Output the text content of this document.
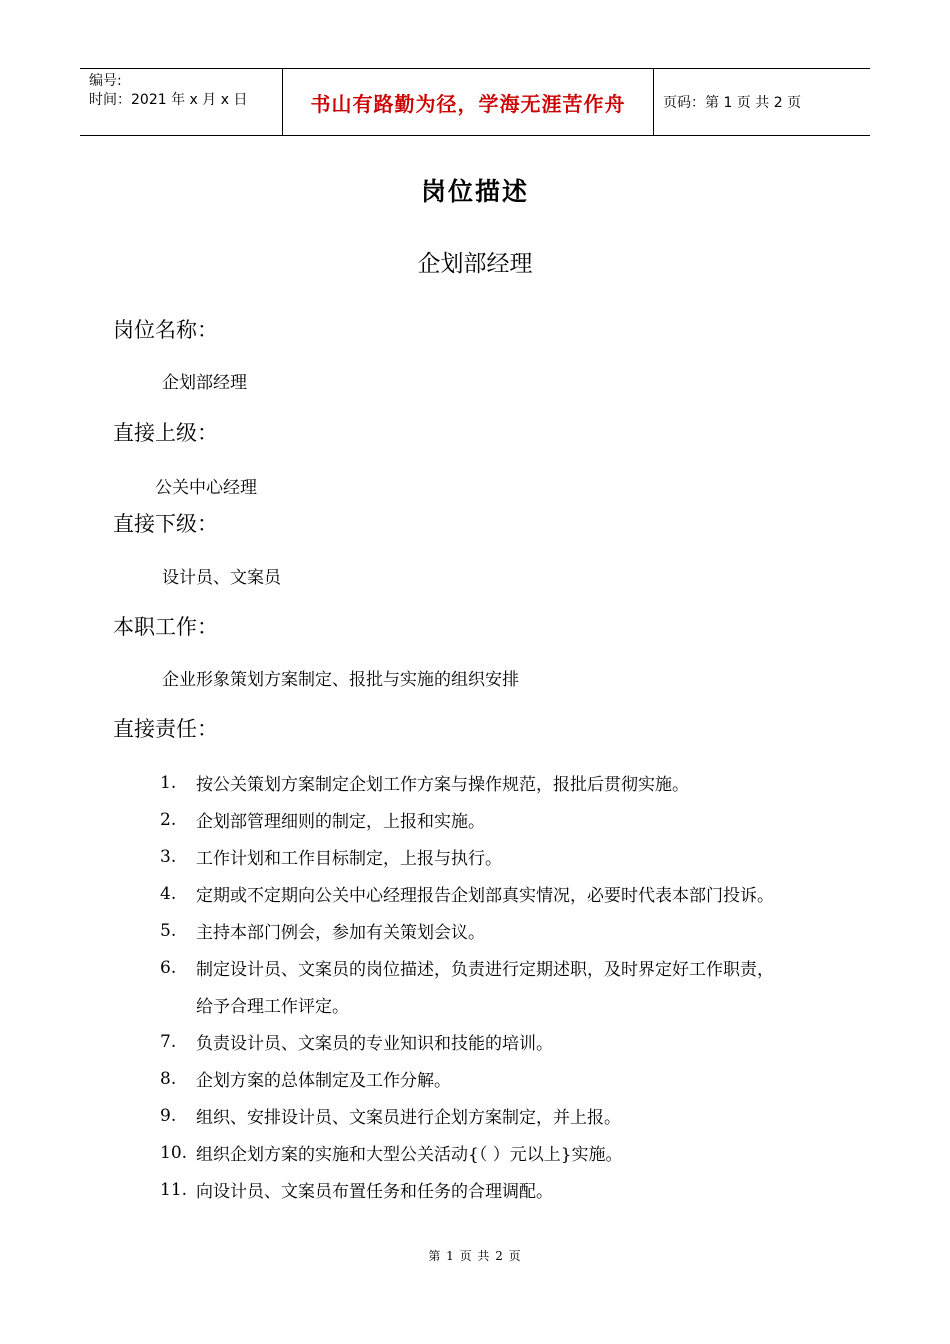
编号:
时间：2021 年 x 月 x 日	书山有路勤为径，学海无涯苦作舟	页码：第 1 页 共 2 页
岗位描述
企划部经理
岗位名称：
企划部经理
直接上级：
公关中心经理
直接下级：
设计员、文案员
本职工作：
企业形象策划方案制定、报批与实施的组织安排
直接责任：
1.	按公关策划方案制定企划工作方案与操作规范，报批后贯彻实施。
2.	企划部管理细则的制定，上报和实施。
3.	工作计划和工作目标制定，上报与执行。
4.	定期或不定期向公关中心经理报告企划部真实情况，必要时代表本部门投诉。
5.	主持本部门例会，参加有关策划会议。
6.	制定设计员、文案员的岗位描述，负责进行定期述职，及时界定好工作职责，
给予合理工作评定。
7.	负责设计员、文案员的专业知识和技能的培训。
8.	企划方案的总体制定及工作分解。
9.	组织、安排设计员、文案员进行企划方案制定，并上报。
10. 组织企划方案的实施和大型公关活动{（ ）元以上}实施。
11. 向设计员、文案员布置任务和任务的合理调配。
第 1 页 共 2 页
